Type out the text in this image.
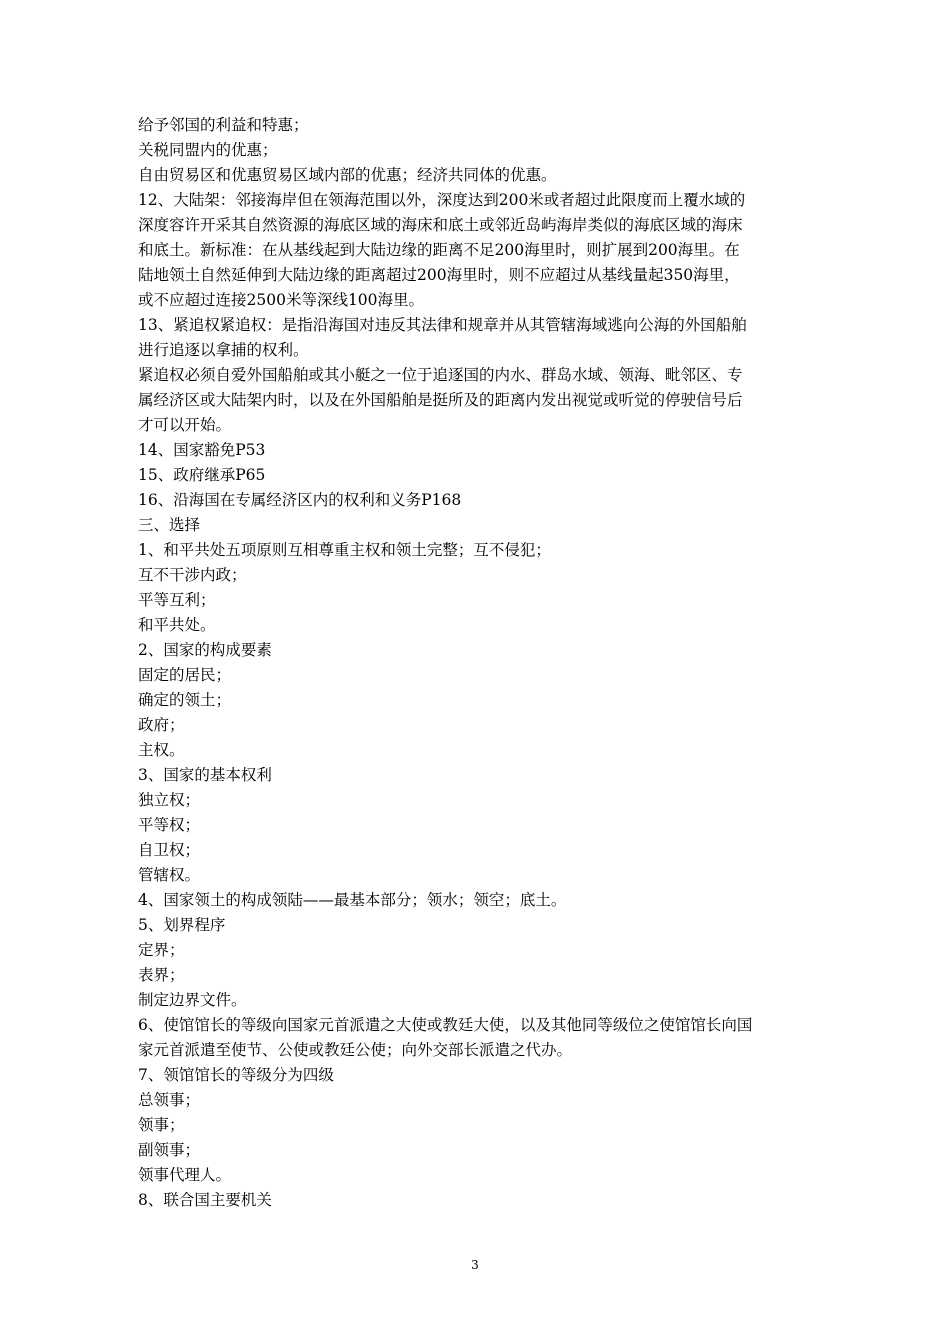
给予邻国的利益和特惠；
关税同盟内的优惠；
自由贸易区和优惠贸易区域内部的优惠；经济共同体的优惠。
12、大陆架：邻接海岸但在领海范围以外，深度达到200米或者超过此限度而上覆水域的
深度容许开采其自然资源的海底区域的海床和底土或邻近岛屿海岸类似的海底区域的海床
和底土。新标准：在从基线起到大陆边缘的距离不足200海里时，则扩展到200海里。在
陆地领土自然延伸到大陆边缘的距离超过200海里时，则不应超过从基线量起350海里，
或不应超过连接2500米等深线100海里。
13、紧追权紧追权：是指沿海国对违反其法律和规章并从其管辖海域逃向公海的外国船舶
进行追逐以拿捕的权利。
紧追权必须自爱外国船舶或其小艇之一位于追逐国的内水、群岛水域、领海、毗邻区、专
属经济区或大陆架内时，以及在外国船舶是挺所及的距离内发出视觉或听觉的停驶信号后
才可以开始。
14、国家豁免P53
15、政府继承P65
16、沿海国在专属经济区内的权利和义务P168
三、选择
1、和平共处五项原则互相尊重主权和领土完整；互不侵犯；
互不干涉内政；
平等互利；
和平共处。
2、国家的构成要素
固定的居民；
确定的领土；
政府；
主权。
3、国家的基本权利
独立权；
平等权；
自卫权；
管辖权。
4、国家领土的构成领陆——最基本部分；领水；领空；底土。
5、划界程序
定界；
表界；
制定边界文件。
6、使馆馆长的等级向国家元首派遣之大使或教廷大使，以及其他同等级位之使馆馆长向国
家元首派遣至使节、公使或教廷公使；向外交部长派遣之代办。
7、领馆馆长的等级分为四级
总领事；
领事；
副领事；
领事代理人。
8、联合国主要机关
3
